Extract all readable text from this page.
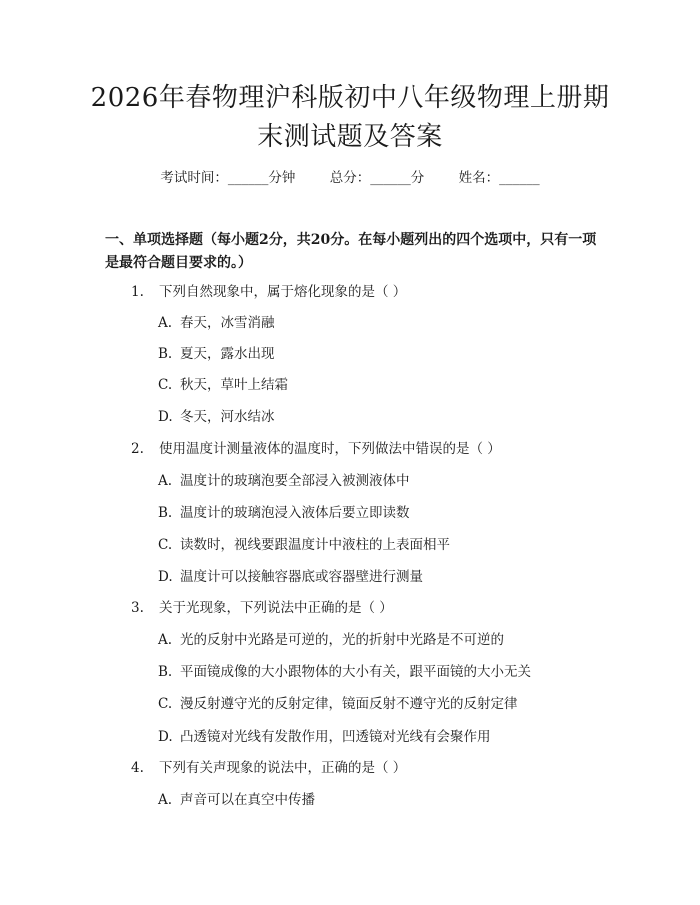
2026年春物理沪科版初中八年级物理上册期
末测试题及答案
考试时间：______分钟	总分：______分	姓名：______
一、单项选择题（每小题2分，共20分。在每小题列出的四个选项中，只有一项是最符合题目要求的。）
1. 下列自然现象中，属于熔化现象的是（ ）
A. 春天，冰雪消融
B. 夏天，露水出现
C. 秋天，草叶上结霜
D. 冬天，河水结冰
2. 使用温度计测量液体的温度时，下列做法中错误的是（ ）
A. 温度计的玻璃泡要全部浸入被测液体中
B. 温度计的玻璃泡浸入液体后要立即读数
C. 读数时，视线要跟温度计中液柱的上表面相平
D. 温度计可以接触容器底或容器壁进行测量
3. 关于光现象，下列说法中正确的是（ ）
A. 光的反射中光路是可逆的，光的折射中光路是不可逆的
B. 平面镜成像的大小跟物体的大小有关，跟平面镜的大小无关
C. 漫反射遵守光的反射定律，镜面反射不遵守光的反射定律
D. 凸透镜对光线有发散作用，凹透镜对光线有会聚作用
4. 下列有关声现象的说法中，正确的是（ ）
A. 声音可以在真空中传播
